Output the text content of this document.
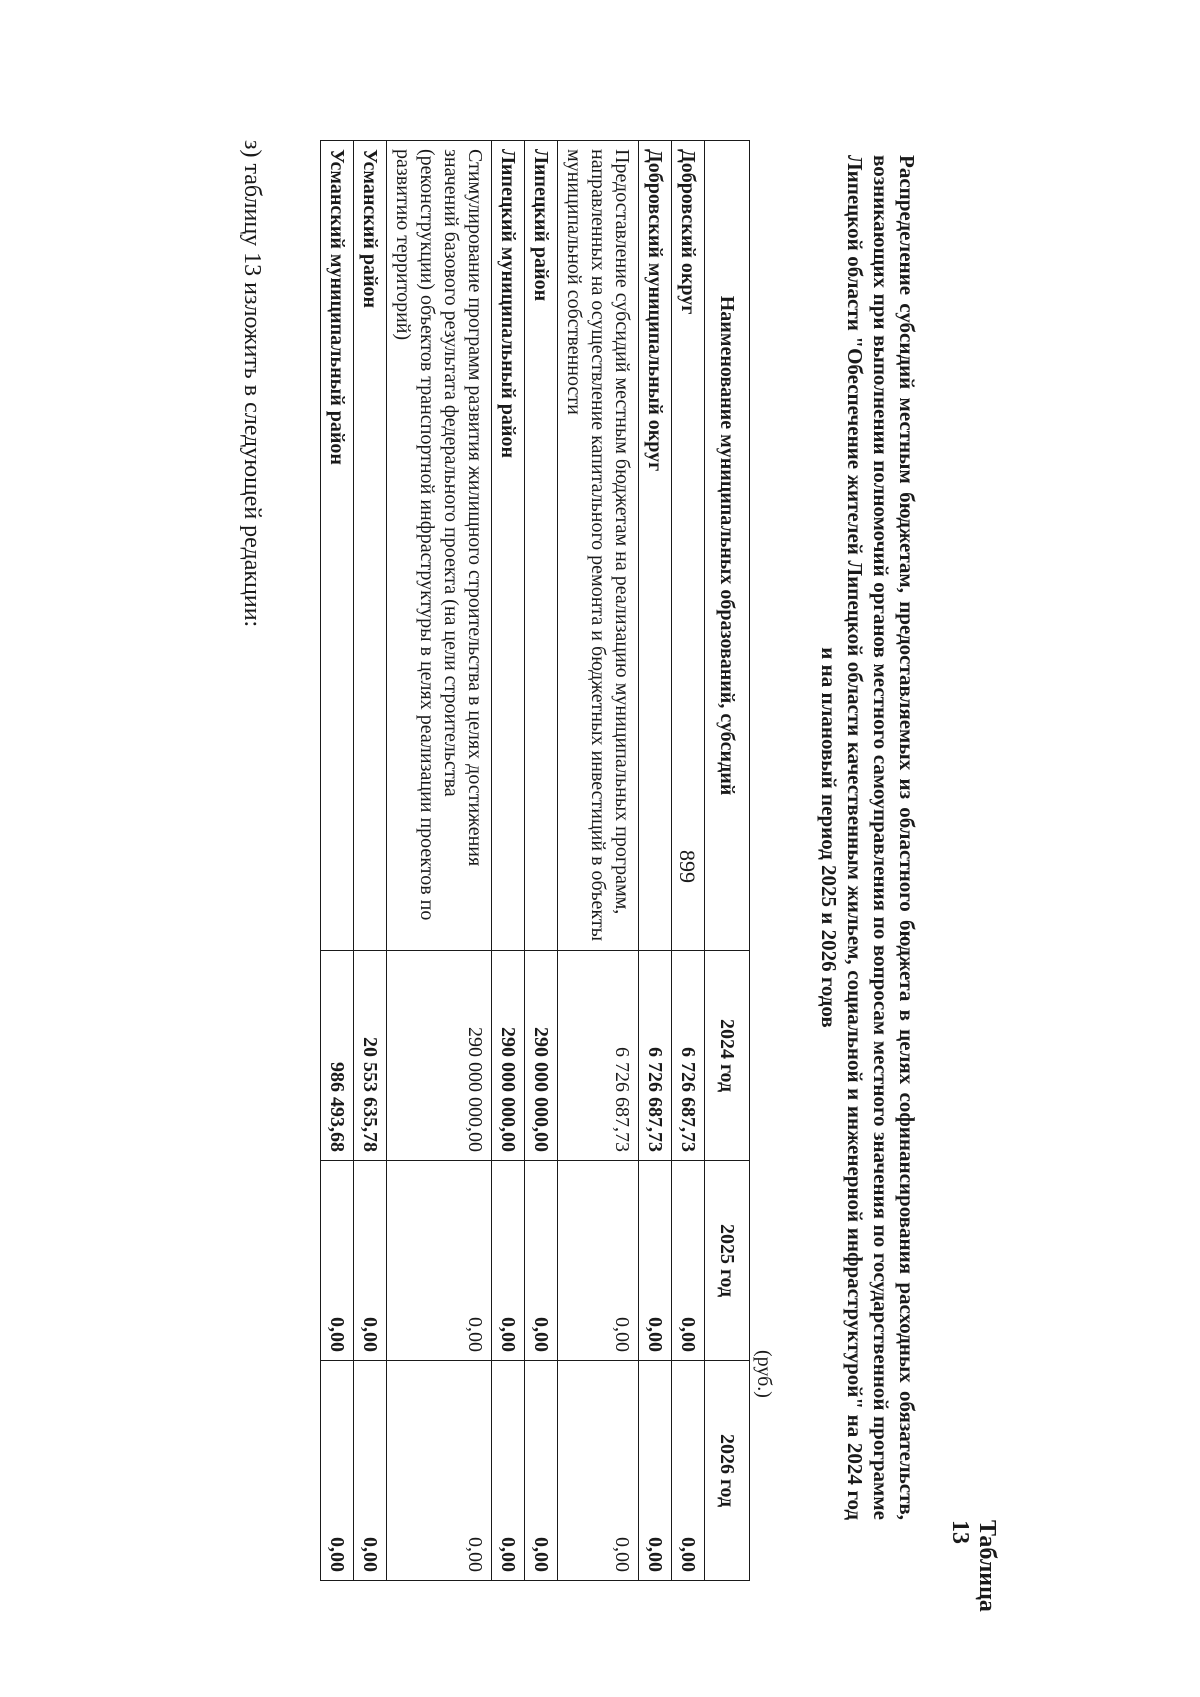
з) таблицу 13 изложить в следующей редакции:
899
Таблица 13
Распределение субсидий местным бюджетам, предоставляемых из областного бюджета в целях софинансирования расходных обязательств, возникающих при выполнении полномочий органов местного самоуправления по вопросам местного значения по государственной программе Липецкой области "Обеспечение жителей Липецкой области качественным жильем, социальной и инженерной инфраструктурой" на 2024 год и на плановый период 2025 и 2026 годов
(руб.)
Наименование муниципальных образований, субсидий	2024 год	2025 год	2026 год
Добровский округ	6 726 687,73	0,00	0,00
Добровский муниципальный округ	6 726 687,73	0,00	0,00
Предоставление субсидий местным бюджетам на реализацию муниципальных программ, направленных на осуществление капитального ремонта и бюджетных инвестиций в объекты муниципальной собственности	6 726 687,73	0,00	0,00
Липецкий район	290 000 000,00	0,00	0,00
Липецкий муниципальный район	290 000 000,00	0,00	0,00
Стимулирование программ развития жилищного строительства в целях достижения значений базового результата федерального проекта (на цели строительства (реконструкции) объектов транспортной инфраструктуры в целях реализации проектов по развитию территорий)	290 000 000,00	0,00	0,00
Усманский район	20 553 635,78	0,00	0,00
Усманский муниципальный район	986 493,68	0,00	0,00
